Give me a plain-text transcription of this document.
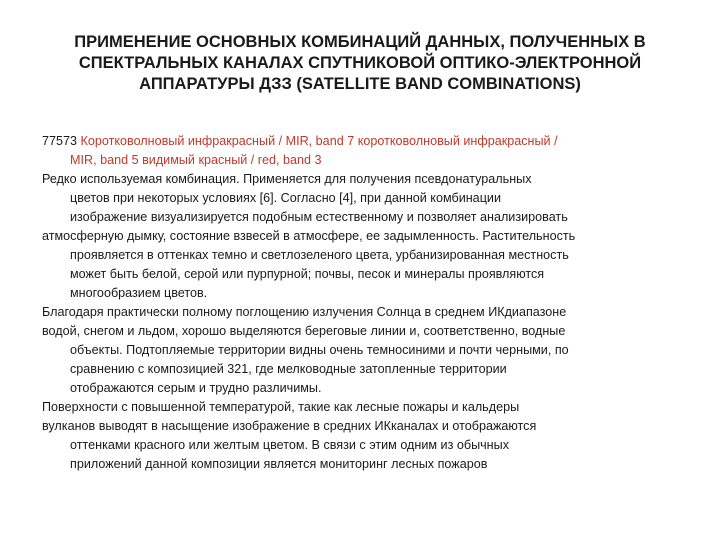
ПРИМЕНЕНИЕ ОСНОВНЫХ КОМБИНАЦИЙ ДАННЫХ, ПОЛУЧЕННЫХ В
СПЕКТРАЛЬНЫХ КАНАЛАХ СПУТНИКОВОЙ ОПТИКО-ЭЛЕКТРОННОЙ
АППАРАТУРЫ ДЗЗ (SATELLITE BAND COMBINATIONS)
77573 Коротковолновый инфракрасный / MIR, band 7 коротковолновый инфракрасный /
MIR, band 5 видимый красный / red, band 3
Редко используемая комбинация. Применяется для получения псевдонатуральных
цветов при некоторых условиях [6]. Согласно [4], при данной комбинации
изображение визуализируется подобным естественному и позволяет анализировать
атмосферную дымку, состояние взвесей в атмосфере, ее задымленность. Растительность
проявляется в оттенках темно и светлозеленого цвета, урбанизированная местность
может быть белой, серой или пурпурной; почвы, песок и минералы проявляются
многообразием цветов.
Благодаря практически полному поглощению излучения Солнца в среднем ИКдиапазоне
водой, снегом и льдом, хорошо выделяются береговые линии и, соответственно, водные
объекты. Подтопляемые территории видны очень темносиними и почти черными, по
сравнению с композицией 321, где мелководные затопленные территории
отображаются серым и трудно различимы.
Поверхности с повышенной температурой, такие как лесные пожары и кальдеры
вулканов выводят в насыщение изображение в средних ИКканалах и отображаются
оттенками красного или желтым цветом. В связи с этим одним из обычных
приложений данной композиции является мониторинг лесных пожаров
